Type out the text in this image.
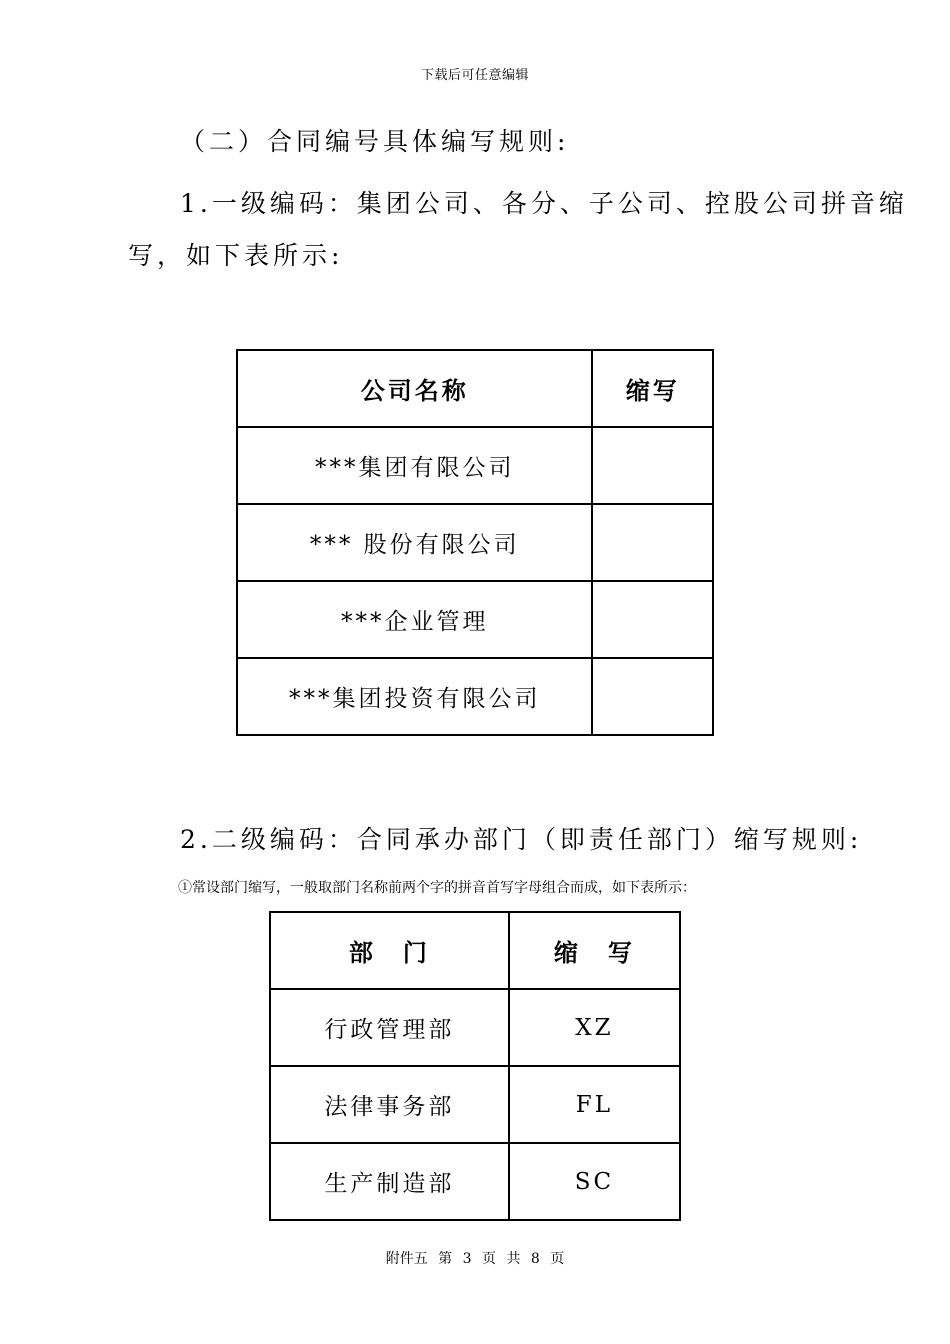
下载后可任意编辑
（二）合同编号具体编写规则:
1.一级编码：集团公司、各分、子公司、控股公司拼音缩
写，如下表所示:
公司名称	缩写
***集团有限公司	
*** 股份有限公司	
***企业管理	
***集团投资有限公司	
2.二级编码：合同承办部门（即责任部门）缩写规则:
①常设部门缩写，一般取部门名称前两个字的拼音首写字母组合而成，如下表所示：
部　门	缩　写
行政管理部	XZ
法律事务部	FL
生产制造部	SC
附件五 第 3 页 共 8 页
